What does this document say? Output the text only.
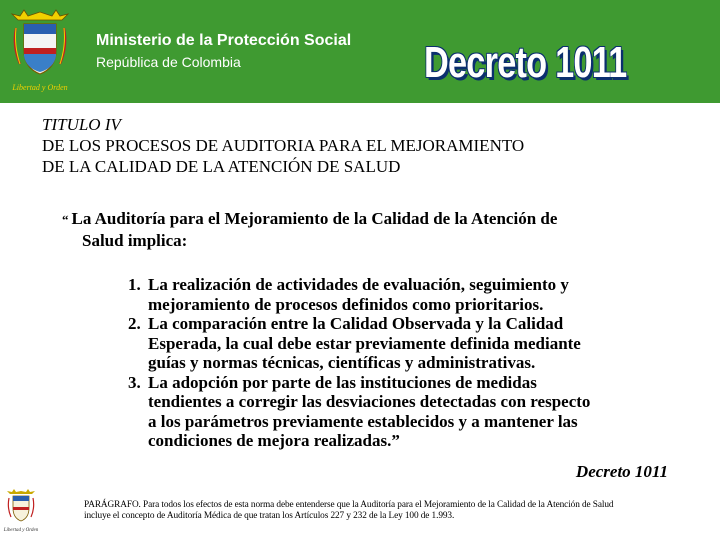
Libertad y Orden
Ministerio de la Protección Social
República de Colombia	Decreto 1011
TITULO IV
DE LOS PROCESOS DE AUDITORIA PARA EL MEJORAMIENTO
DE LA CALIDAD DE LA ATENCIÓN DE SALUD
“ La Auditoría para el Mejoramiento de la Calidad de la Atención de
Salud implica:
1. La realización de actividades de evaluación, seguimiento y
mejoramiento de procesos definidos como prioritarios.
2. La comparación entre la Calidad Observada y la Calidad
Esperada, la cual debe estar previamente definida mediante
guías y normas técnicas, científicas y administrativas.
3. La adopción por parte de las instituciones de medidas
tendientes a corregir las desviaciones detectadas con respecto
a los parámetros previamente establecidos y a mantener las
condiciones de mejora realizadas.”
Decreto 1011
Libertad y Orden
PARÁGRAFO. Para todos los efectos de esta norma debe entenderse que la Auditoría para el Mejoramiento de la Calidad de la Atención de Salud
incluye el concepto de Auditoría Médica de que tratan los Artículos 227 y 232 de la Ley 100 de 1.993.
